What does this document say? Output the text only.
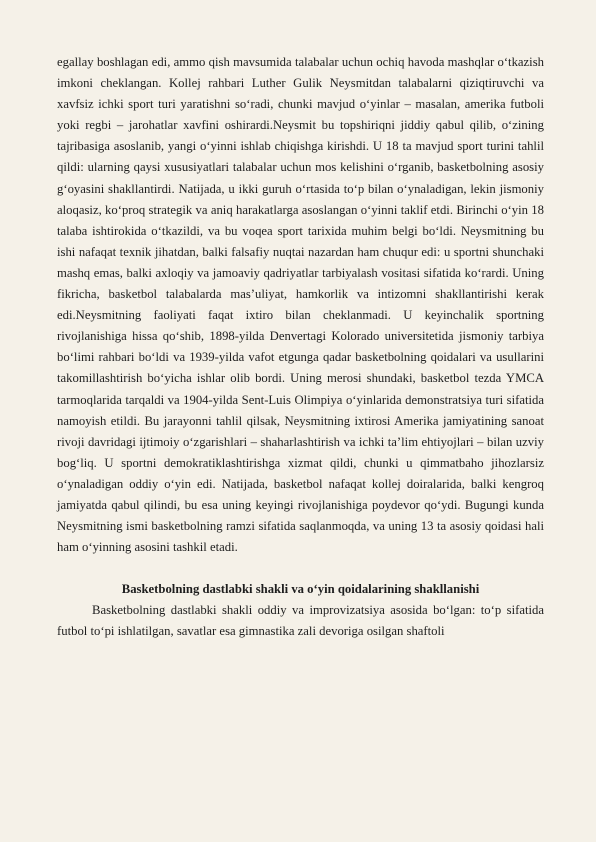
egallay boshlagan edi, ammo qish mavsumida talabalar uchun ochiq havoda mashqlar o‘tkazish imkoni cheklangan. Kollej rahbari Luther Gulik Neysmitdan talabalarni qiziqtiruvchi va xavfsiz ichki sport turi yaratishni so‘radi, chunki mavjud o‘yinlar – masalan, amerika futboli yoki regbi – jarohatlar xavfini oshirardi.Neysmit bu topshiriqni jiddiy qabul qilib, o‘zining tajribasiga asoslanib, yangi o‘yinni ishlab chiqishga kirishdi. U 18 ta mavjud sport turini tahlil qildi: ularning qaysi xususiyatlari talabalar uchun mos kelishini o‘rganib, basketbolning asosiy g‘oyasini shakllantirdi. Natijada, u ikki guruh o‘rtasida to‘p bilan o‘ynaladigan, lekin jismoniy aloqasiz, ko‘proq strategik va aniq harakatlarga asoslangan o‘yinni taklif etdi. Birinchi o‘yin 18 talaba ishtirokida o‘tkazildi, va bu voqea sport tarixida muhim belgi bo‘ldi. Neysmitning bu ishi nafaqat texnik jihatdan, balki falsafiy nuqtai nazardan ham chuqur edi: u sportni shunchaki mashq emas, balki axloqiy va jamoaviy qadriyatlar tarbiyalash vositasi sifatida ko‘rardi. Uning fikricha, basketbol talabalarda mas’uliyat, hamkorlik va intizomni shakllantirishi kerak edi.Neysmitning faoliyati faqat ixtiro bilan cheklanmadi. U keyinchalik sportning rivojlanishiga hissa qo‘shib, 1898-yilda Denvertagi Kolorado universitetida jismoniy tarbiya bo‘limi rahbari bo‘ldi va 1939-yilda vafot etgunga qadar basketbolning qoidalari va usullarini takomillashtirish bo‘yicha ishlar olib bordi. Uning merosi shundaki, basketbol tezda YMCA tarmoqlarida tarqaldi va 1904-yilda Sent-Luis Olimpiya o‘yinlarida demonstratsiya turi sifatida namoyish etildi. Bu jarayonni tahlil qilsak, Neysmitning ixtirosi Amerika jamiyatining sanoat rivoji davridagi ijtimoiy o‘zgarishlari – shaharlashtirish va ichki ta’lim ehtiyojlari – bilan uzviy bog‘liq. U sportni demokratiklashtirishga xizmat qildi, chunki u qimmatbaho jihozlarsiz o‘ynaladigan oddiy o‘yin edi. Natijada, basketbol nafaqat kollej doiralarida, balki kengroq jamiyatda qabul qilindi, bu esa uning keyingi rivojlanishiga poydevor qo‘ydi. Bugungi kunda Neysmitning ismi basketbolning ramzi sifatida saqlanmoqda, va uning 13 ta asosiy qoidasi hali ham o‘yinning asosini tashkil etadi.

Basketbolning dastlabki shakli va o‘yin qoidalarining shakllanishi

Basketbolning dastlabki shakli oddiy va improvizatsiya asosida bo‘lgan: to‘p sifatida futbol to‘pi ishlatilgan, savatlar esa gimnastika zali devoriga osilgan shaftoli
